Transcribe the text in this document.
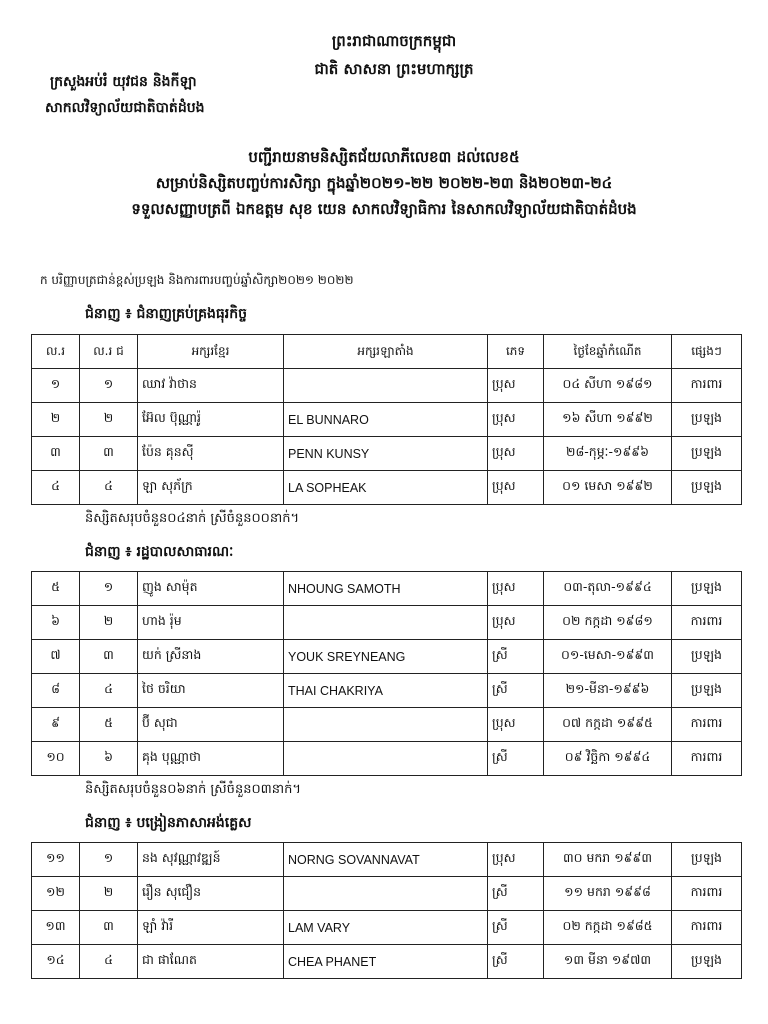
ព្រះរាជាណាចក្រកម្ពុជា
ជាតិ សាសនា ព្រះមហាក្សត្រ
ក្រសួងអប់រំ យុវជន និងកីឡា
សាកលវិទ្យាល័យជាតិបាត់ដំបង
បញ្ជីរាយនាមនិស្សិតជ័យលាភីលេខ៣ ដល់លេខ៥
សម្រាប់និស្សិតបញ្ចប់ការសិក្សា ក្នុងឆ្នាំ២០២១-២២ ២០២២-២៣ និង២០២៣-២៤
ទទួលសញ្ញាបត្រពី ឯកឧត្តម សុខ យេន សាកលវិទ្យាធិការ នៃសាកលវិទ្យាល័យជាតិបាត់ដំបង
ក បរិញ្ញាបត្រជាន់ខ្ពស់ប្រឡង និងការពារបញ្ចប់ឆ្នាំសិក្សា២០២១ ២០២២
ជំនាញ ៖ ជំនាញគ្រប់គ្រងធុរកិច្ច
ល.រ	ល.រ ជ	អក្សរខ្មែរ	អក្សរឡាតាំង	ភេទ	ថ្ងៃខែឆ្នាំកំណើត	ផ្សេងៗ
១	១	ឈាវ វ៉ាថាន		ប្រុស	០៤ សីហា ១៩៨១	ការពារ
២	២	អ៊ែល ប៊ុណ្ណារ៉ូ	EL BUNNARO	ប្រុស	១៦ សីហា ១៩៩២	ប្រឡង
៣	៣	ប៉ែន គុនស៊ី	PENN KUNSY	ប្រុស	២៨-កុម្ភៈ-១៩៩៦	ប្រឡង
៤	៤	ឡា សុភ័ក្រ	LA SOPHEAK	ប្រុស	០១ មេសា ១៩៩២	ប្រឡង
និស្សិតសរុបចំនួន០៤នាក់ ស្រីចំនួន០០នាក់។
ជំនាញ ៖ រដ្ឋបាលសាធារណៈ
៥	១	ញូង សាម៉ុត	NHOUNG SAMOTH	ប្រុស	០៣-តុលា-១៩៩៤	ប្រឡង
៦	២	ហាង រ៉ុម		ប្រុស	០២ កក្កដា ១៩៨១	ការពារ
៧	៣	យក់ ស្រីនាង	YOUK SREYNEANG	ស្រី	០១-មេសា-១៩៩៣	ប្រឡង
៨	៤	ថៃ ចរិយា	THAI CHAKRIYA	ស្រី	២១-មីនា-១៩៩៦	ប្រឡង
៩	៥	ប៊ី សុជា		ប្រុស	០៧ កក្កដា ១៩៩៥	ការពារ
១០	៦	គុង បុណ្ណាថា		ស្រី	០៩ វិច្ឆិកា ១៩៩៤	ការពារ
និស្សិតសរុបចំនួន០៦នាក់ ស្រីចំនួន០៣នាក់។
ជំនាញ ៖ បង្រៀនភាសាអង់គ្លេស
១១	១	នង សុវណ្ណាវឌ្ឍន៍	NORNG SOVANNAVAT	ប្រុស	៣០ មករា ១៩៩៣	ប្រឡង
១២	២	រឿន សុជឿន		ស្រី	១១ មករា ១៩៩៨	ការពារ
១៣	៣	ឡាំ វ៉ារី	LAM VARY	ស្រី	០២ កក្កដា ១៩៨៥	ការពារ
១៤	៤	ជា ផាណែត	CHEA PHANET	ស្រី	១៣ មីនា ១៩៧៣	ប្រឡង
